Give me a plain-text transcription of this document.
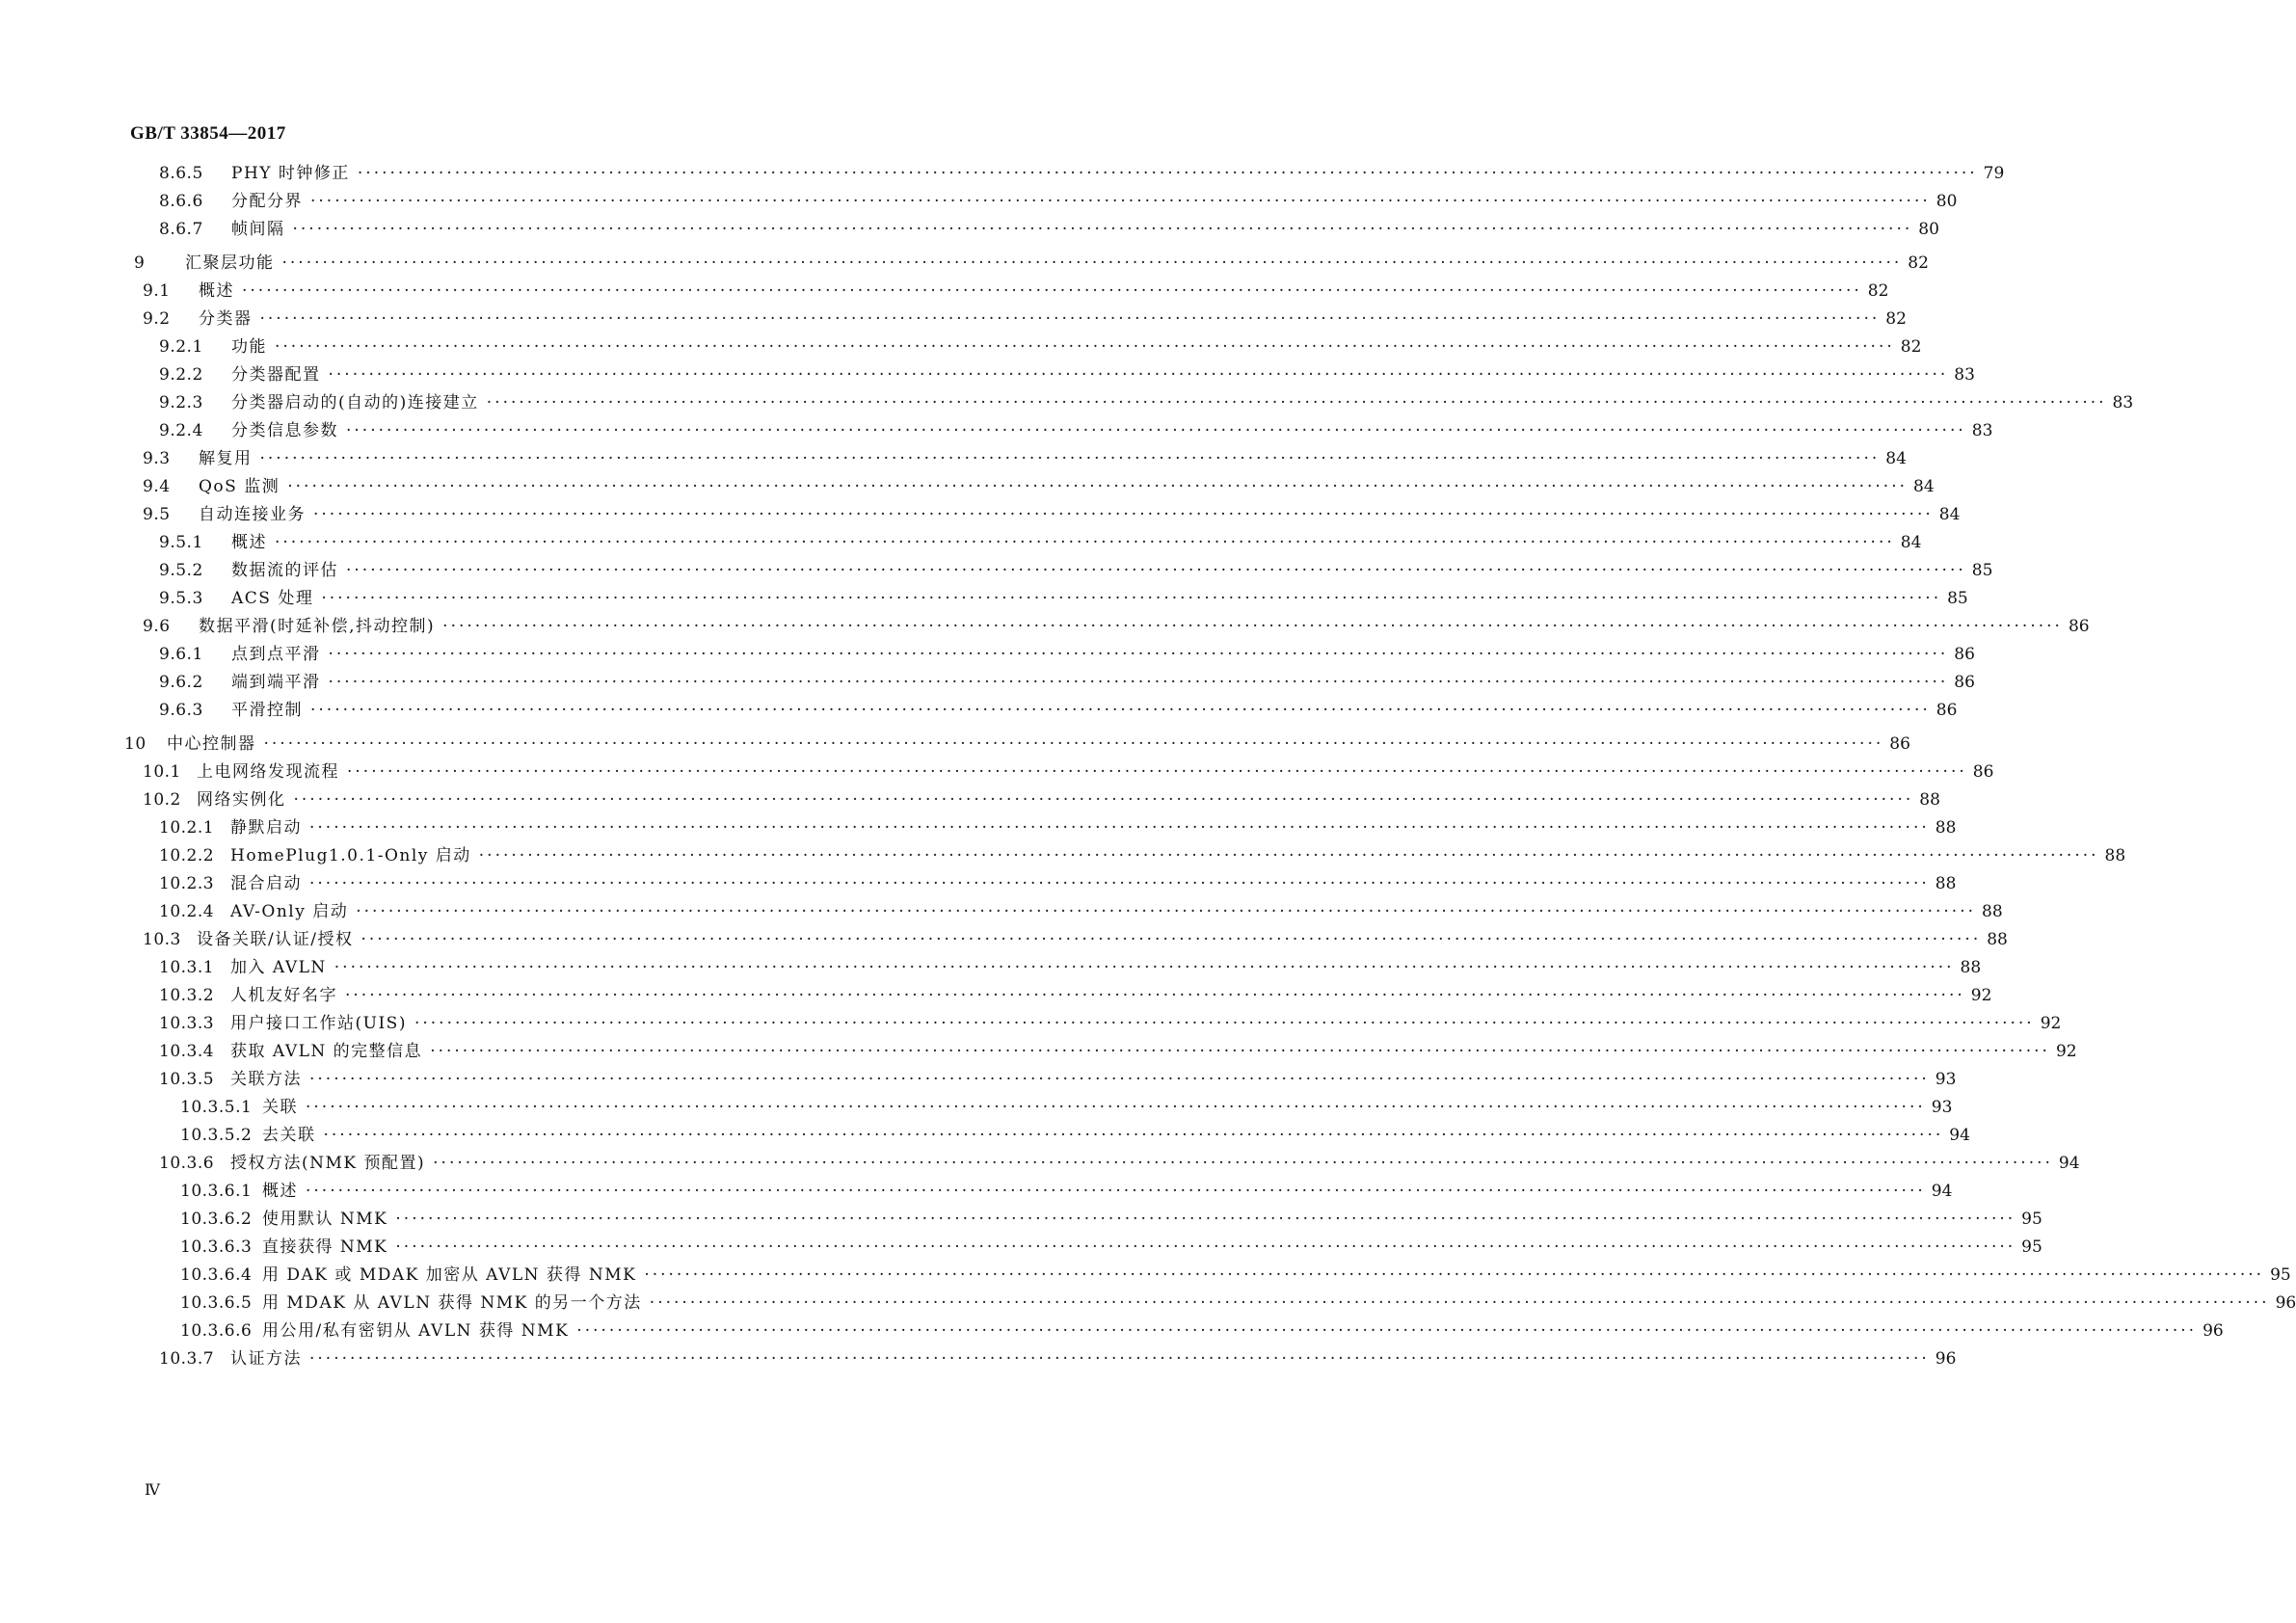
GB/T 33854—2017
8.6.5 PHY 时钟修正 ········································································································································································································ 79
8.6.6 分配分界 ········································································································································································································ 80
8.6.7 帧间隔 ········································································································································································································ 80
9 汇聚层功能 ········································································································································································································ 82
9.1 概述 ········································································································································································································ 82
9.2 分类器 ········································································································································································································ 82
9.2.1 功能 ········································································································································································································ 82
9.2.2 分类器配置 ········································································································································································································ 83
9.2.3 分类器启动的(自动的)连接建立 ········································································································································································································ 83
9.2.4 分类信息参数 ········································································································································································································ 83
9.3 解复用 ········································································································································································································ 84
9.4 QoS 监测 ········································································································································································································ 84
9.5 自动连接业务 ········································································································································································································ 84
9.5.1 概述 ········································································································································································································ 84
9.5.2 数据流的评估 ········································································································································································································ 85
9.5.3 ACS 处理 ········································································································································································································ 85
9.6 数据平滑(时延补偿,抖动控制) ········································································································································································································ 86
9.6.1 点到点平滑 ········································································································································································································ 86
9.6.2 端到端平滑 ········································································································································································································ 86
9.6.3 平滑控制 ········································································································································································································ 86
10 中心控制器 ········································································································································································································ 86
10.1 上电网络发现流程 ········································································································································································································ 86
10.2 网络实例化 ········································································································································································································ 88
10.2.1 静默启动 ········································································································································································································ 88
10.2.2 HomePlug1.0.1-Only 启动 ········································································································································································································ 88
10.2.3 混合启动 ········································································································································································································ 88
10.2.4 AV-Only 启动 ········································································································································································································ 88
10.3 设备关联/认证/授权 ········································································································································································································ 88
10.3.1 加入 AVLN ········································································································································································································ 88
10.3.2 人机友好名字 ········································································································································································································ 92
10.3.3 用户接口工作站(UIS) ········································································································································································································ 92
10.3.4 获取 AVLN 的完整信息 ········································································································································································································ 92
10.3.5 关联方法 ········································································································································································································ 93
10.3.5.1 关联 ········································································································································································································ 93
10.3.5.2 去关联 ········································································································································································································ 94
10.3.6 授权方法(NMK 预配置) ········································································································································································································ 94
10.3.6.1 概述 ········································································································································································································ 94
10.3.6.2 使用默认 NMK ········································································································································································································ 95
10.3.6.3 直接获得 NMK ········································································································································································································ 95
10.3.6.4 用 DAK 或 MDAK 加密从 AVLN 获得 NMK ········································································································································································································ 95
10.3.6.5 用 MDAK 从 AVLN 获得 NMK 的另一个方法 ········································································································································································································ 96
10.3.6.6 用公用/私有密钥从 AVLN 获得 NMK ········································································································································································································ 96
10.3.7 认证方法 ········································································································································································································ 96
Ⅳ
